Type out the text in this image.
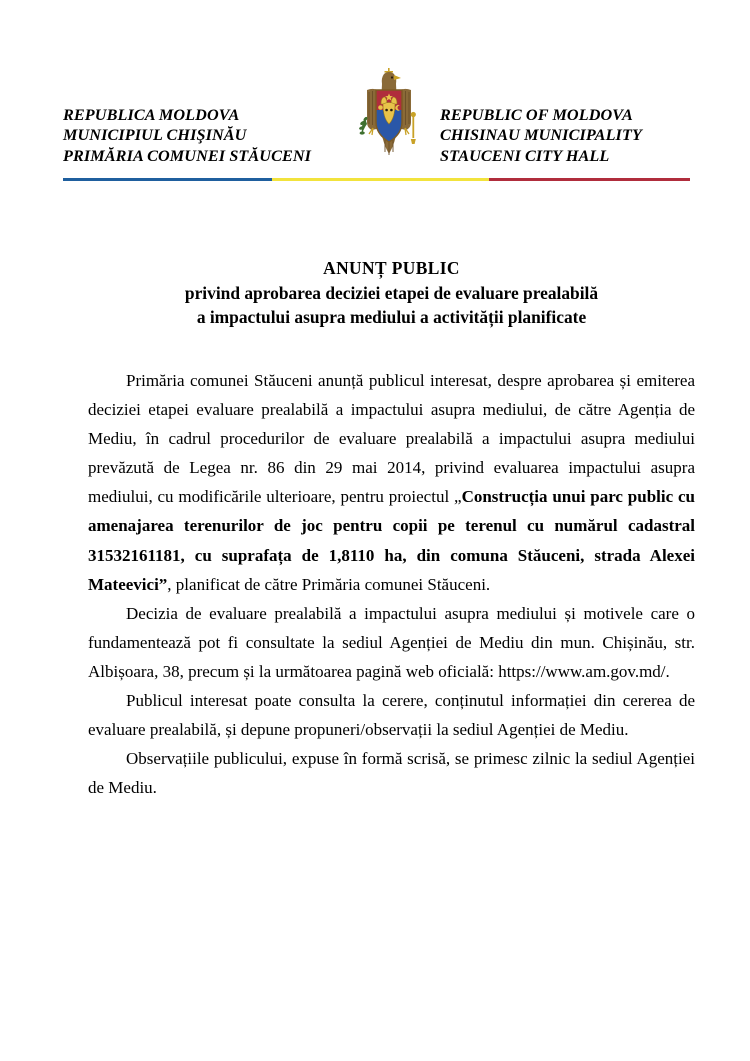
REPUBLICA MOLDOVA
MUNICIPIUL CHIŞINĂU
PRIMĂRIA COMUNEI STĂUCENI
REPUBLIC OF MOLDOVA
CHISINAU MUNICIPALITY
STAUCENI CITY HALL
ANUNȚ PUBLIC
privind aprobarea deciziei etapei de evaluare prealabilă
a impactului asupra mediului a activității planificate

Primăria comunei Stăuceni anunță publicul interesat, despre aprobarea și emiterea deciziei etapei evaluare prealabilă a impactului asupra mediului, de către Agenția de Mediu, în cadrul procedurilor de evaluare prealabilă a impactului asupra mediului prevăzută de Legea nr. 86 din 29 mai 2014, privind evaluarea impactului asupra mediului, cu modificările ulterioare, pentru proiectul „Construcția unui parc public cu amenajarea terenurilor de joc pentru copii pe terenul cu numărul cadastral 31532161181, cu suprafața de 1,8110 ha, din comuna Stăuceni, strada Alexei Mateevici”, planificat de către Primăria comunei Stăuceni.

Decizia de evaluare prealabilă a impactului asupra mediului și motivele care o fundamentează pot fi consultate la sediul Agenției de Mediu din mun. Chișinău, str. Albișoara, 38, precum și la următoarea pagină web oficială: https://www.am.gov.md/.

Publicul interesat poate consulta la cerere, conținutul informației din cererea de evaluare prealabilă, și depune propuneri/observații la sediul Agenției de Mediu.

Observațiile publicului, expuse în formă scrisă, se primesc zilnic la sediul Agenției de Mediu.
